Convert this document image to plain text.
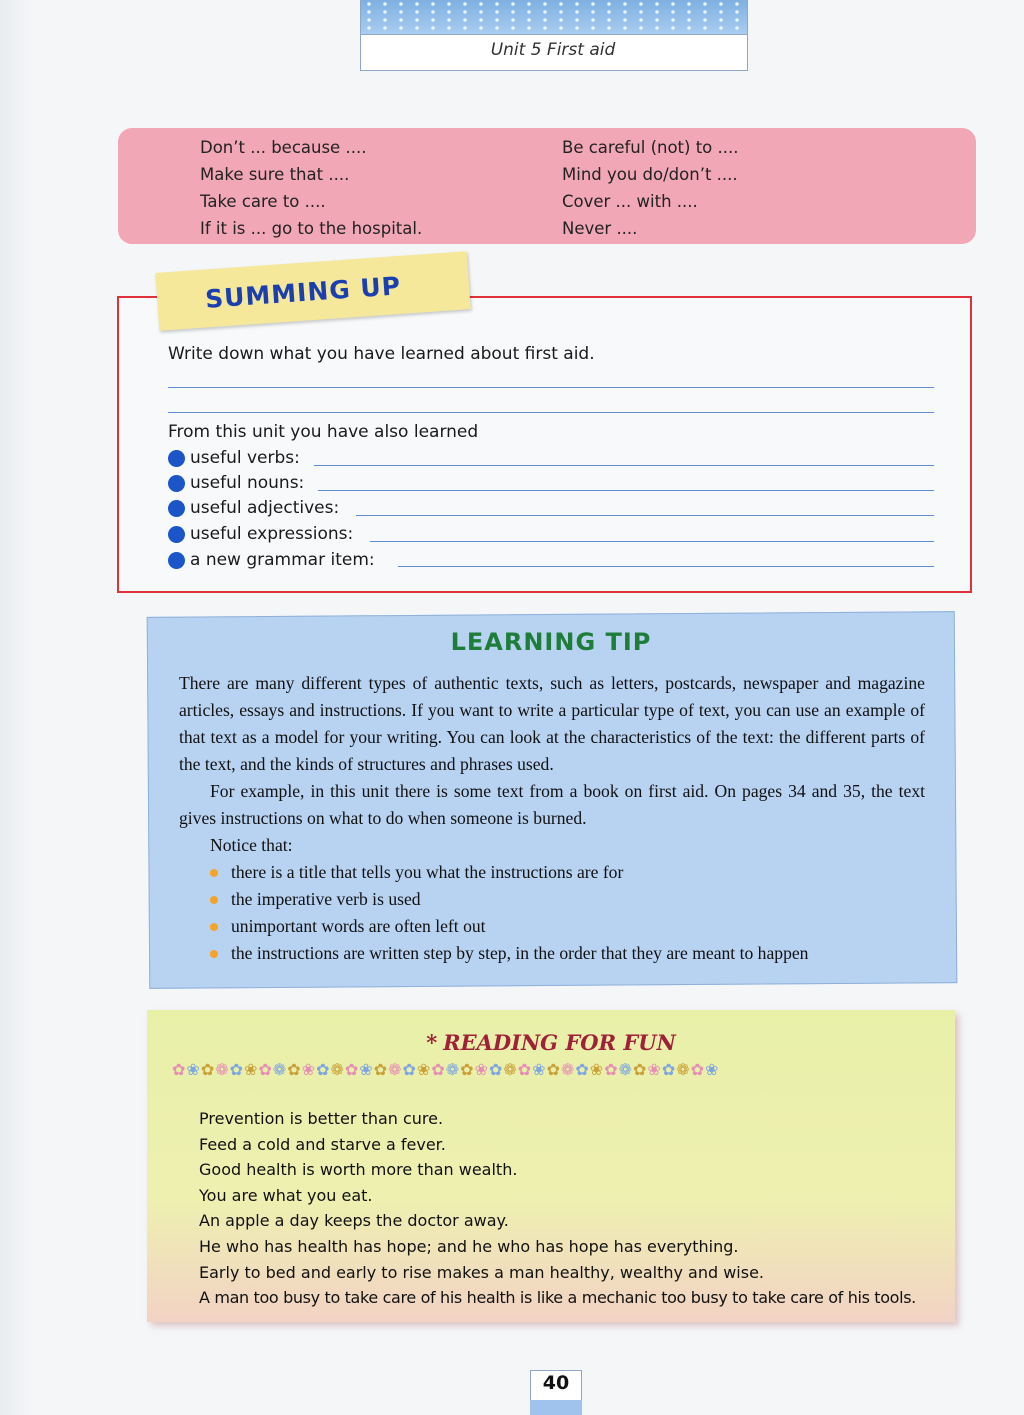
Unit 5 First aid
Don’t ... because ....
Make sure that ....
Take care to ....
If it is ... go to the hospital.
Be careful (not) to ....
Mind you do/don’t ....
Cover ... with ....
Never ....
SUMMING UP
Write down what you have learned about first aid.
From this unit you have also learned
useful verbs:
useful nouns:
useful adjectives:
useful expressions:
a new grammar item:
LEARNING TIP

There are many different types of authentic texts, such as letters, postcards, newspaper and magazine articles, essays and instructions. If you want to write a particular type of text, you can use an example of that text as a model for your writing. You can look at the characteristics of the text: the different parts of the text, and the kinds of structures and phrases used.

For example, in this unit there is some text from a book on first aid. On pages 34 and 35, the text gives instructions on what to do when someone is burned.

Notice that:

there is a title that tells you what the instructions are for
the imperative verb is used
unimportant words are often left out
the instructions are written step by step, in the order that they are meant to happen
* READING FOR FUN
✿❀✿❁✿❀✿❁✿❀✿❁✿❀✿❁✿❀✿❁✿❀✿❁✿❀✿❁✿❀✿❁✿❀✿❁✿❀
Prevention is better than cure.
Feed a cold and starve a fever.
Good health is worth more than wealth.
You are what you eat.
An apple a day keeps the doctor away.
He who has health has hope; and he who has hope has everything.
Early to bed and early to rise makes a man healthy, wealthy and wise.
A man too busy to take care of his health is like a mechanic too busy to take care of his tools.
40
